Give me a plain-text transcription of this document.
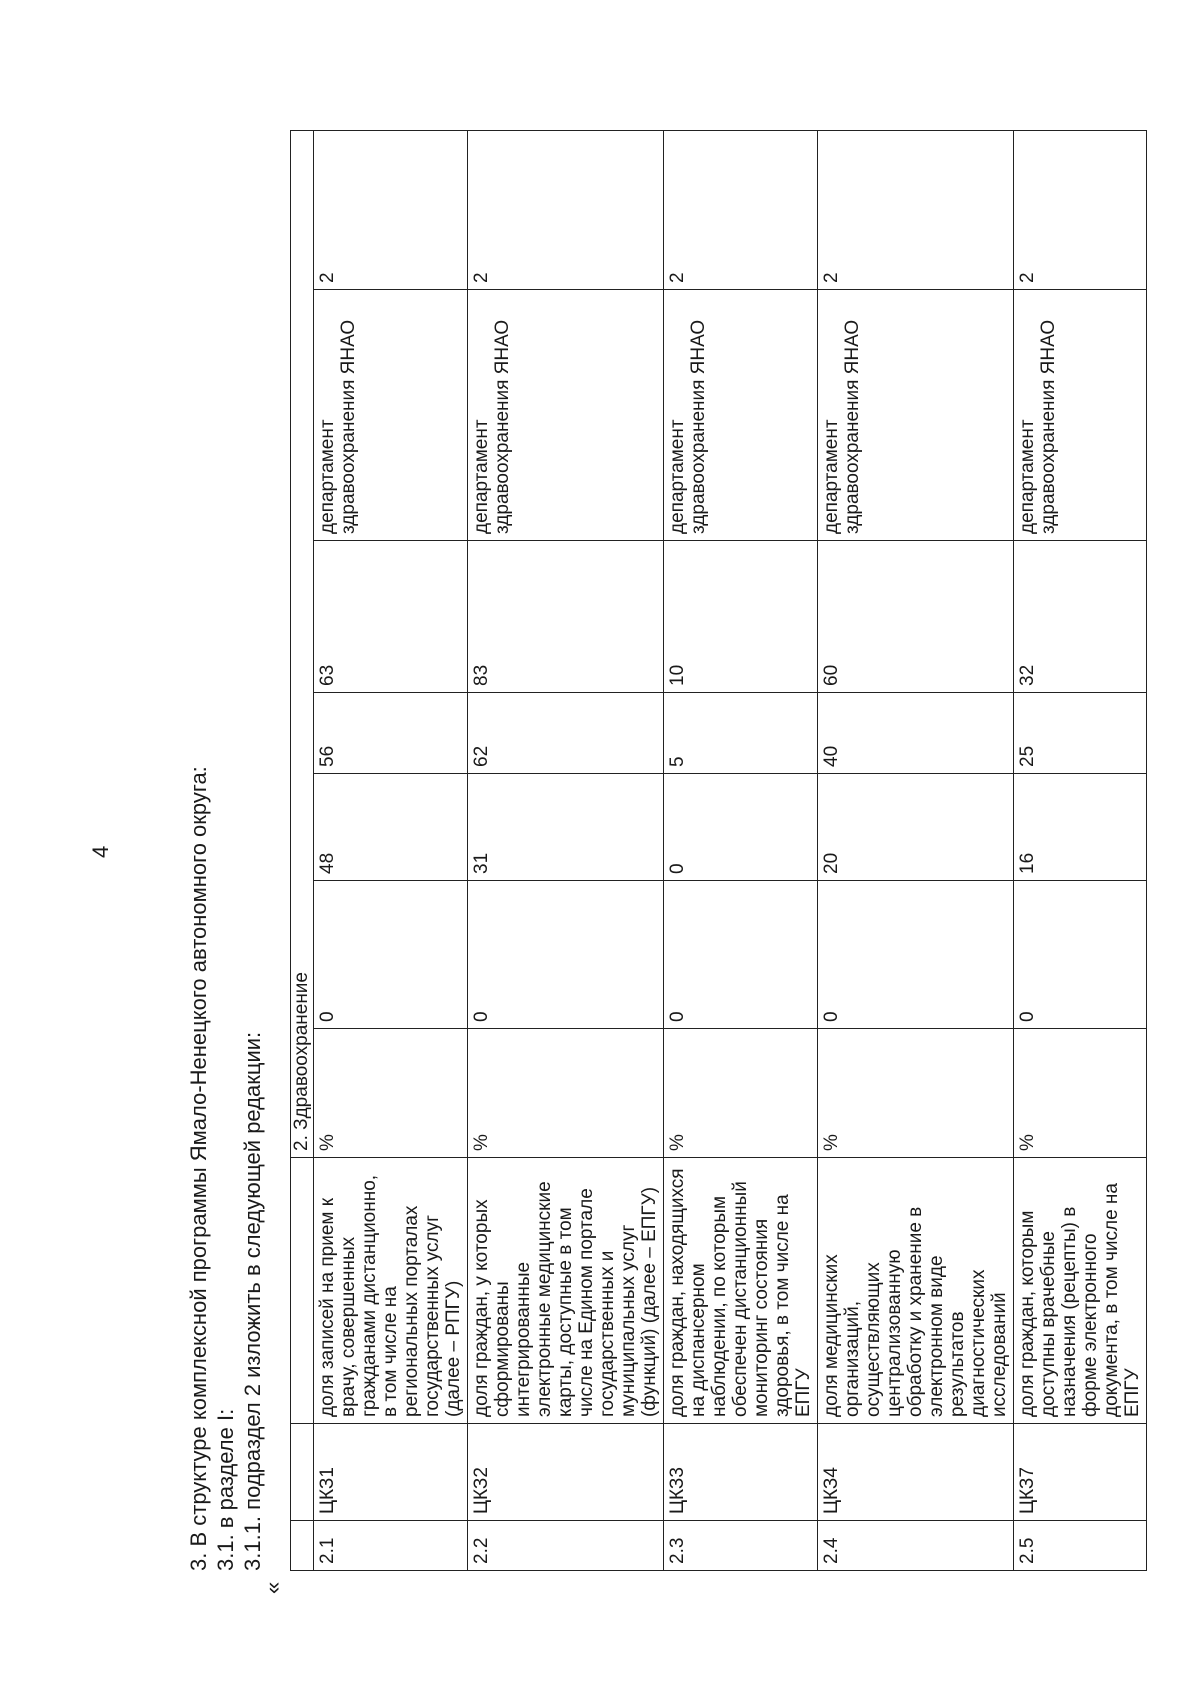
4	3. В структуре комплексной программы Ямало-Ненецкого автономного округа: 3.1. в разделе I: 3.1.1. подраздел 2 изложить в следующей редакции:
«
			2. Здравоохранение						
2.1	ЦКЗ1	доля записей на прием к врачу, совершенных гражданами дистанционно, в том числе на региональных порталах государственных услуг (далее – РПГУ)	%	0	48	56	63	департамент здравоохранения ЯНАО	2
2.2	ЦКЗ2	доля граждан, у которых сформированы интегрированные электронные медицинские карты, доступные в том числе на Едином портале государственных и муниципальных услуг (функций) (далее – ЕПГУ)	%	0	31	62	83	департамент здравоохранения ЯНАО	2
2.3	ЦКЗ3	доля граждан, находящихся на диспансерном наблюдении, по которым обеспечен дистанционный мониторинг состояния здоровья, в том числе на ЕПГУ	%	0	0	5	10	департамент здравоохранения ЯНАО	2
2.4	ЦКЗ4	доля медицинских организаций, осуществляющих централизованную обработку и хранение в электронном виде результатов диагностических исследований	%	0	20	40	60	департамент здравоохранения ЯНАО	2
2.5	ЦКЗ7	доля граждан, которым доступны врачебные назначения (рецепты) в форме электронного документа, в том числе на ЕПГУ	%	0	16	25	32	департамент здравоохранения ЯНАО	2
